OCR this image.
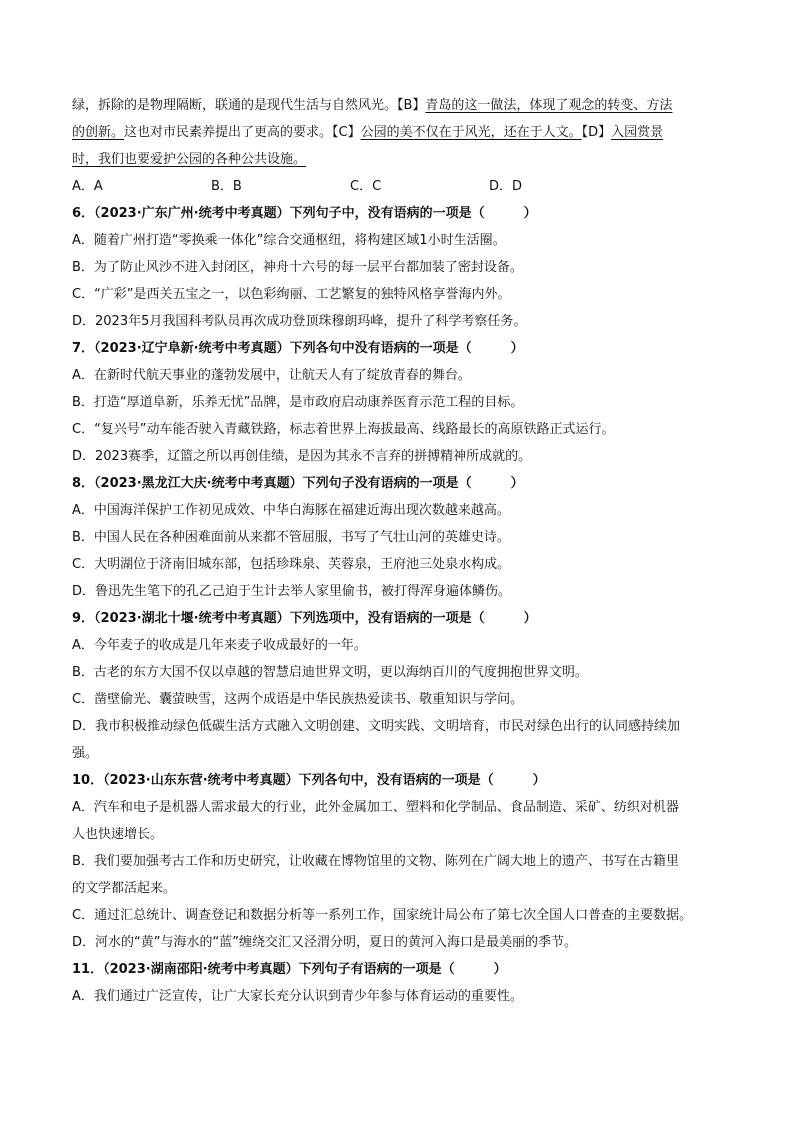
绿，拆除的是物理隔断，联通的是现代生活与自然风光。【B】青岛的这一做法，体现了观念的转变、方法
的创新。这也对市民素养提出了更高的要求。【C】公园的美不仅在于风光，还在于人文。【D】入园赏景
时，我们也要爱护公园的各种公共设施。
A．A	B．B	C．C	D．D
6．（2023·广东广州·统考中考真题）下列句子中，没有语病的一项是（　　　）
A．随着广州打造“零换乘一体化”综合交通枢纽，将构建区域1小时生活圈。
B．为了防止风沙不进入封闭区，神舟十六号的每一层平台都加装了密封设备。
C．“广彩”是西关五宝之一，以色彩绚丽、工艺繁复的独特风格享誉海内外。
D．2023年5月我国科考队员再次成功登顶珠穆朗玛峰，提升了科学考察任务。
7．（2023·辽宁阜新·统考中考真题）下列各句中没有语病的一项是（　　　）
A．在新时代航天事业的蓬勃发展中，让航天人有了绽放青春的舞台。
B．打造“厚道阜新，乐养无忧”品牌，是市政府启动康养医育示范工程的目标。
C．“复兴号”动车能否驶入青藏铁路，标志着世界上海拔最高、线路最长的高原铁路正式运行。
D．2023赛季，辽篮之所以再创佳绩，是因为其永不言弃的拼搏精神所成就的。
8．（2023·黑龙江大庆·统考中考真题）下列句子没有语病的一项是（　　　）
A．中国海洋保护工作初见成效、中华白海豚在福建近海出现次数越来越高。
B．中国人民在各种困难面前从来都不管屈服，书写了气壮山河的英雄史诗。
C．大明湖位于济南旧城东部，包括珍珠泉、芙蓉泉，王府池三处泉水构成。
D．鲁迅先生笔下的孔乙己迫于生计去举人家里偷书，被打得浑身遍体鳞伤。
9．（2023·湖北十堰·统考中考真题）下列选项中，没有语病的一项是（　　　）
A．今年麦子的收成是几年来麦子收成最好的一年。
B．古老的东方大国不仅以卓越的智慧启迪世界文明，更以海纳百川的气度拥抱世界文明。
C．凿壁偷光、囊萤映雪，这两个成语是中华民族热爱读书、敬重知识与学问。
D．我市积极推动绿色低碳生活方式融入文明创建、文明实践、文明培育，市民对绿色出行的认同感持续加
强。
10．（2023·山东东营·统考中考真题）下列各句中，没有语病的一项是（　　　）
A．汽车和电子是机器人需求最大的行业，此外金属加工、塑料和化学制品、食品制造、采矿、纺织对机器
人也快速增长。
B．我们要加强考古工作和历史研究，让收藏在博物馆里的文物、陈列在广阔大地上的遗产、书写在古籍里
的文学都活起来。
C．通过汇总统计、调查登记和数据分析等一系列工作，国家统计局公布了第七次全国人口普查的主要数据。
D．河水的“黄”与海水的“蓝”缠绕交汇又泾渭分明，夏日的黄河入海口是最美丽的季节。
11．（2023·湖南邵阳·统考中考真题）下列句子有语病的一项是（　　　）
A．我们通过广泛宣传，让广大家长充分认识到青少年参与体育运动的重要性。
